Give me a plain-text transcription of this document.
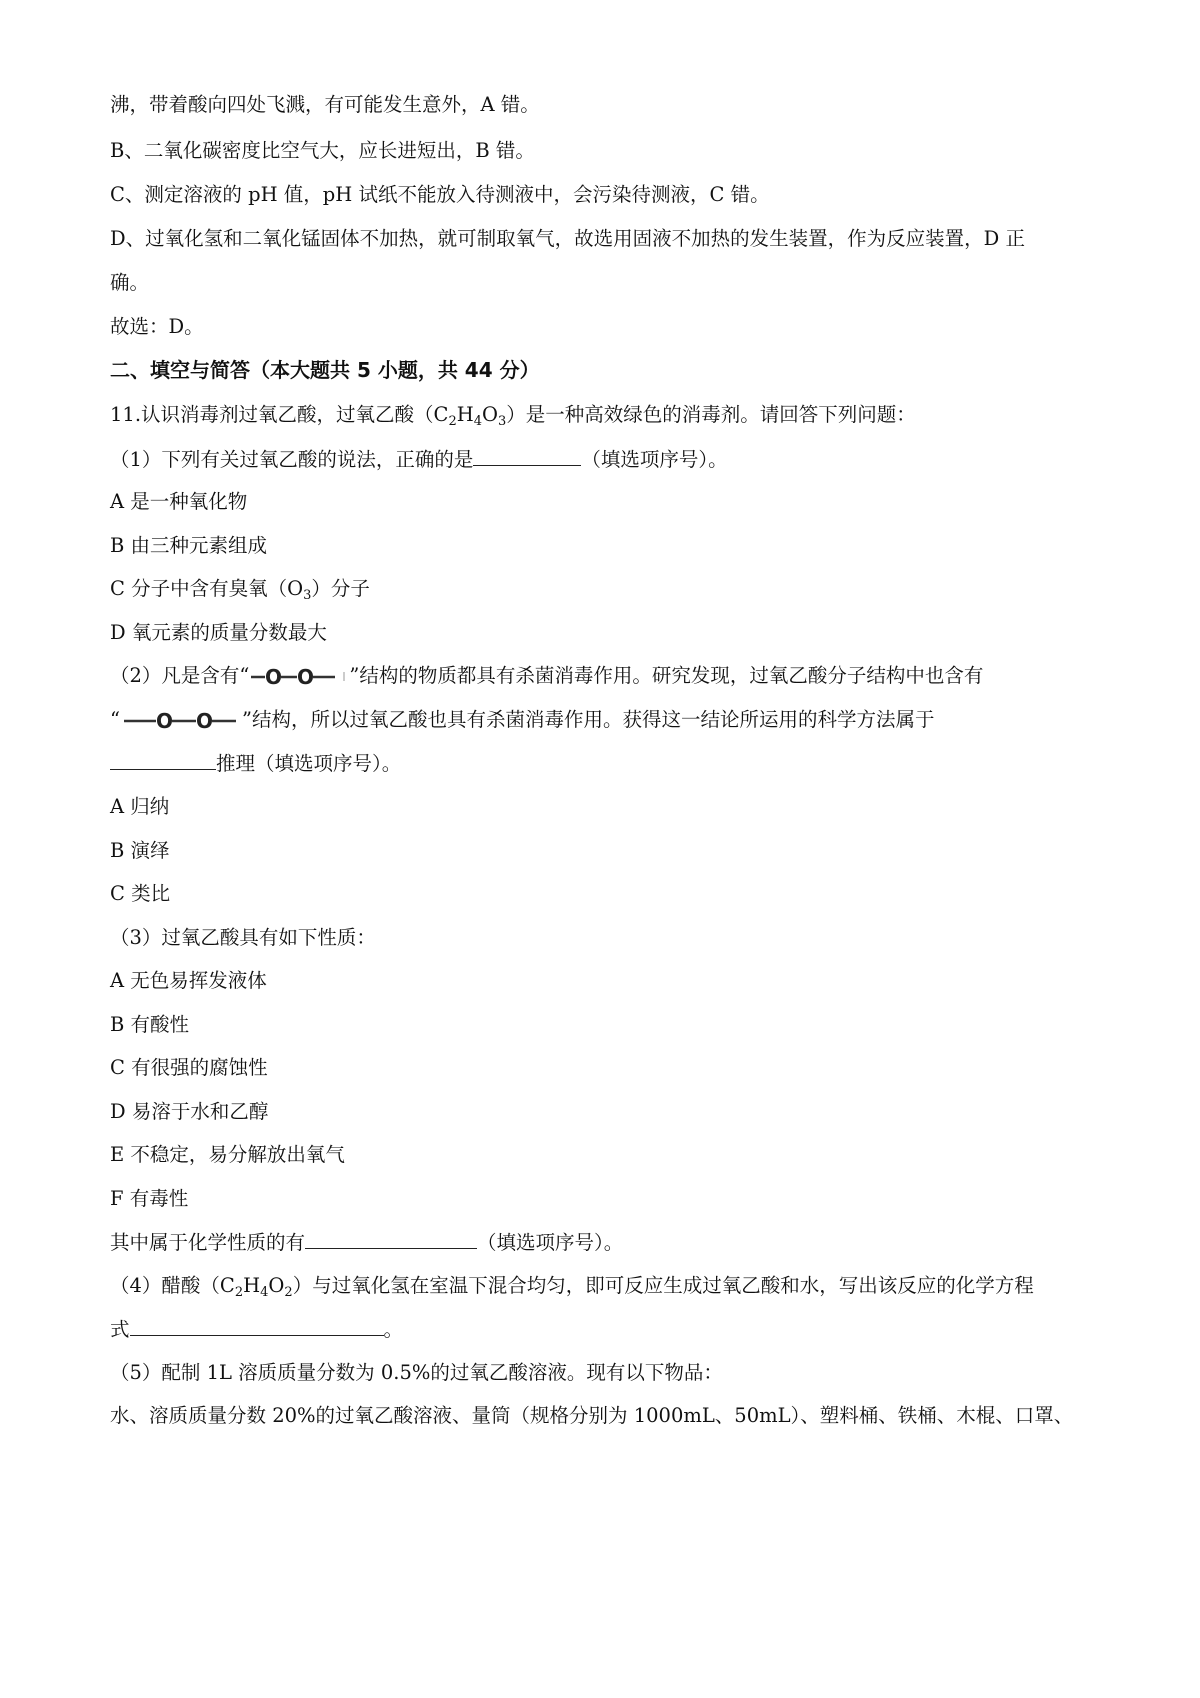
沸，带着酸向四处飞溅，有可能发生意外，A 错。
B、二氧化碳密度比空气大，应长进短出，B 错。
C、测定溶液的 pH 值，pH 试纸不能放入待测液中，会污染待测液，C 错。
D、过氧化氢和二氧化锰固体不加热，就可制取氧气，故选用固液不加热的发生装置，作为反应装置，D 正
确。
故选：D。
二、填空与简答（本大题共 5 小题，共 44 分）
11.认识消毒剂过氧乙酸，过氧乙酸$(C_2H_4O_3)$是一种高效绿色的消毒剂。请回答下列问题：
（1）下列有关过氧乙酸的说法，正确的是	（填选项序号）。
A 是一种氧化物
B 由三种元素组成
C 分子中含有臭氧$(O_3)$分子
D 氧元素的质量分数最大
（2）凡是含有“ O O ”结构的物质都具有杀菌消毒作用。研究发现，过氧乙酸分子结构中也含有
“ O O ”结构，所以过氧乙酸也具有杀菌消毒作用。获得这一结论所运用的科学方法属于
推理（填选项序号）。
A 归纳
B 演绎
C 类比
（3）过氧乙酸具有如下性质：
A 无色易挥发液体
B 有酸性
C 有很强的腐蚀性
D 易溶于水和乙醇
E 不稳定，易分解放出氧气
F 有毒性
其中属于化学性质的有	（填选项序号）。
（4）醋酸$(C_2H_4O_2)$与过氧化氢在室温下混合均匀，即可反应生成过氧乙酸和水，写出该反应的化学方程
式	。
（5）配制 1L 溶质质量分数为 0.5%的过氧乙酸溶液。现有以下物品：
水、溶质质量分数 20%的过氧乙酸溶液、量筒（规格分别为 1000mL、50mL）、塑料桶、铁桶、木棍、口罩、
